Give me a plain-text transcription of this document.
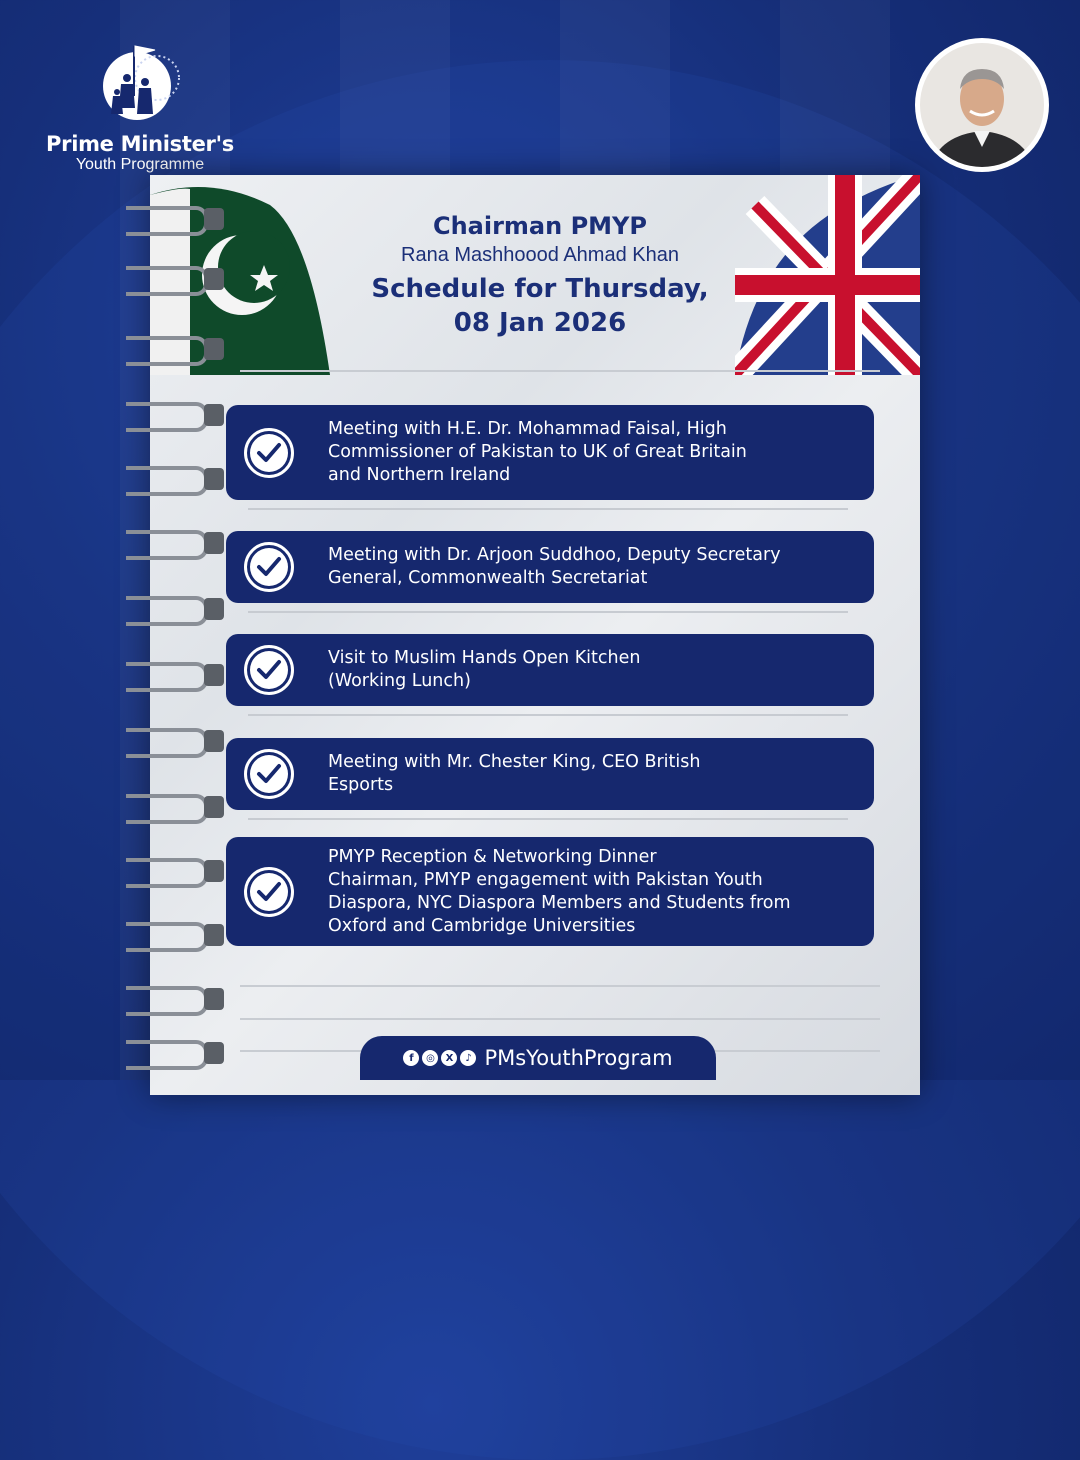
Prime Minister's
Youth Programme
Chairman PMYP
Rana Mashhoood Ahmad Khan
Schedule for Thursday,
08 Jan 2026
Meeting with H.E. Dr. Mohammad Faisal, High
Commissioner of Pakistan to UK of Great Britain
and Northern Ireland
Meeting with Dr. Arjoon Suddhoo, Deputy Secretary
General, Commonwealth Secretariat
Visit to Muslim Hands Open Kitchen
(Working Lunch)
Meeting with Mr. Chester King, CEO British
Esports
PMYP Reception & Networking Dinner
Chairman, PMYP engagement with Pakistan Youth
Diaspora, NYC Diaspora Members and Students from
Oxford and Cambridge Universities
f	◎	X	♪ PMsYouthProgram
